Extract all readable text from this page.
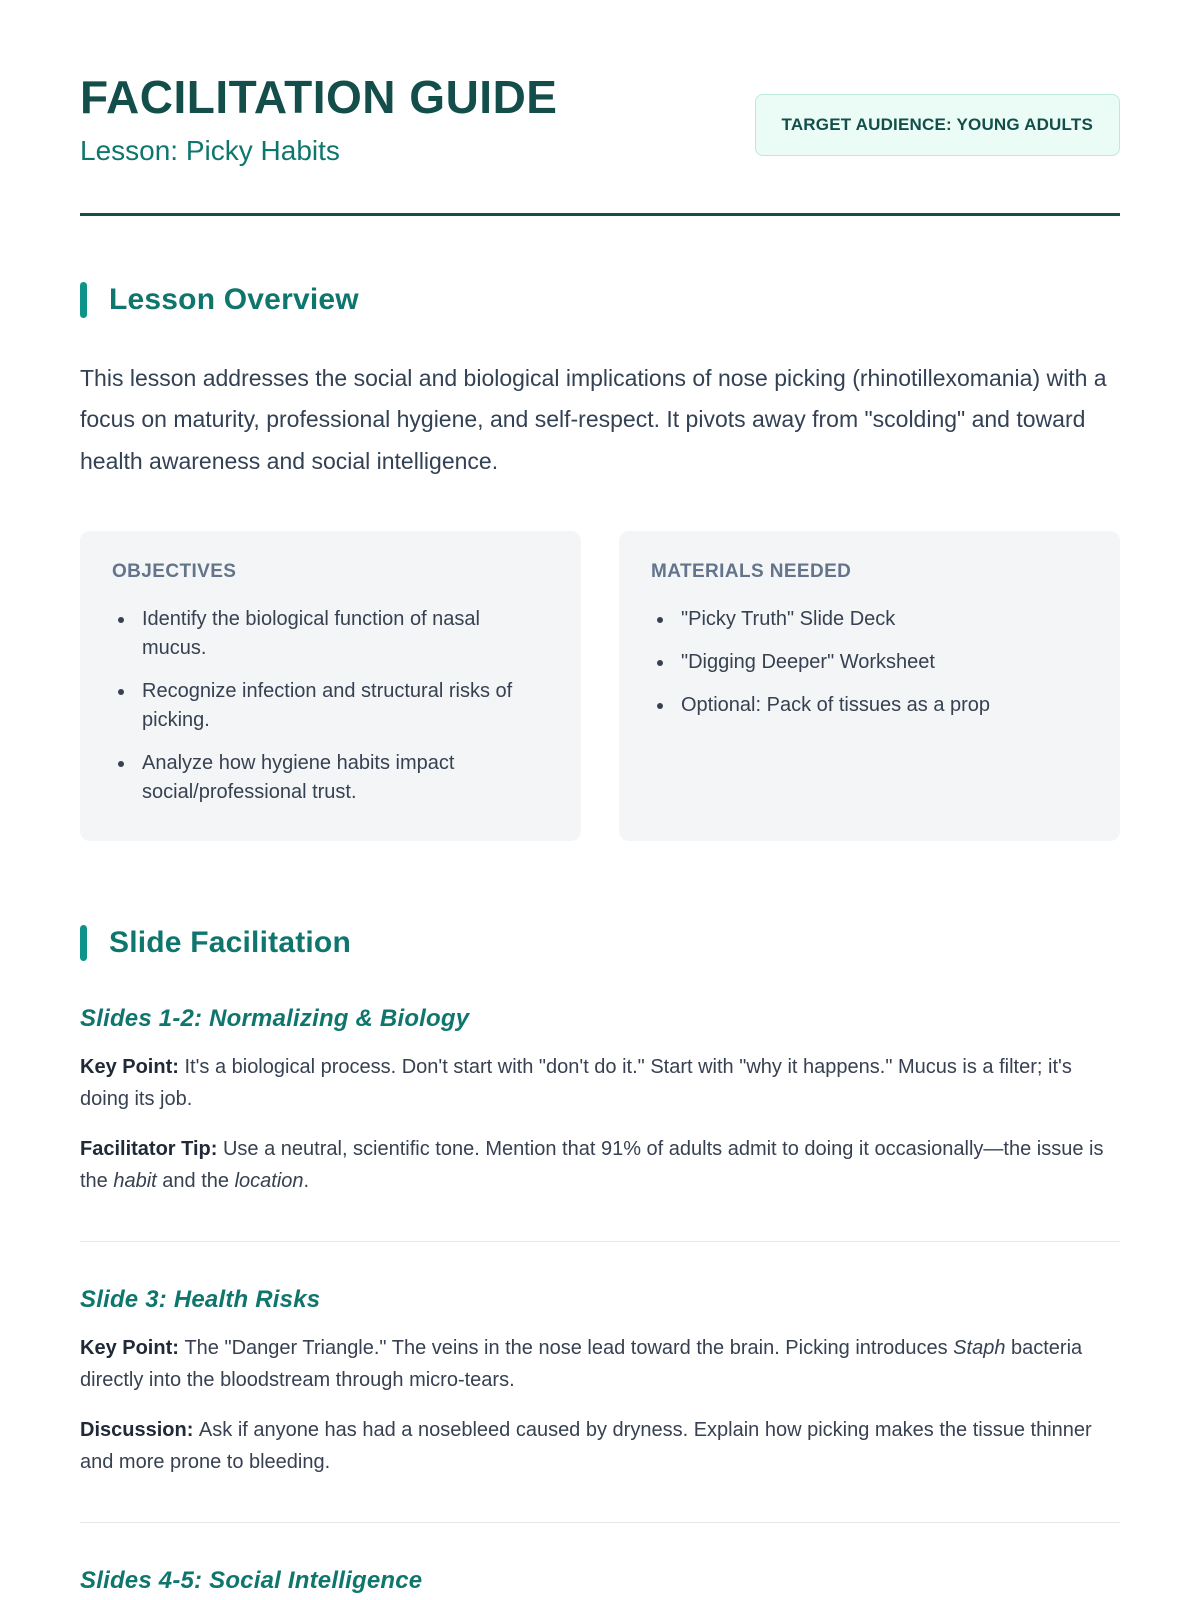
FACILITATION GUIDE
Lesson: Picky Habits
TARGET AUDIENCE: YOUNG ADULTS
Lesson Overview

This lesson addresses the social and biological implications of nose picking (rhinotillexomania) with a focus on maturity, professional hygiene, and self-respect. It pivots away from "scolding" and toward health awareness and social intelligence.

OBJECTIVES
• Identify the biological function of nasal mucus.
• Recognize infection and structural risks of picking.
• Analyze how hygiene habits impact social/professional trust.
MATERIALS NEEDED
• "Picky Truth" Slide Deck
• "Digging Deeper" Worksheet
• Optional: Pack of tissues as a prop
Slide Facilitation
Slides 1-2: Normalizing & Biology

Key Point: It's a biological process. Don't start with "don't do it." Start with "why it happens." Mucus is a filter; it's doing its job.

Facilitator Tip: Use a neutral, scientific tone. Mention that 91% of adults admit to doing it occasionally—the issue is the habit and the location.

Slide 3: Health Risks

Key Point: The "Danger Triangle." The veins in the nose lead toward the brain. Picking introduces Staph bacteria directly into the bloodstream through micro-tears.

Discussion: Ask if anyone has had a nosebleed caused by dryness. Explain how picking makes the tissue thinner and more prone to bleeding.

Slides 4-5: Social Intelligence
